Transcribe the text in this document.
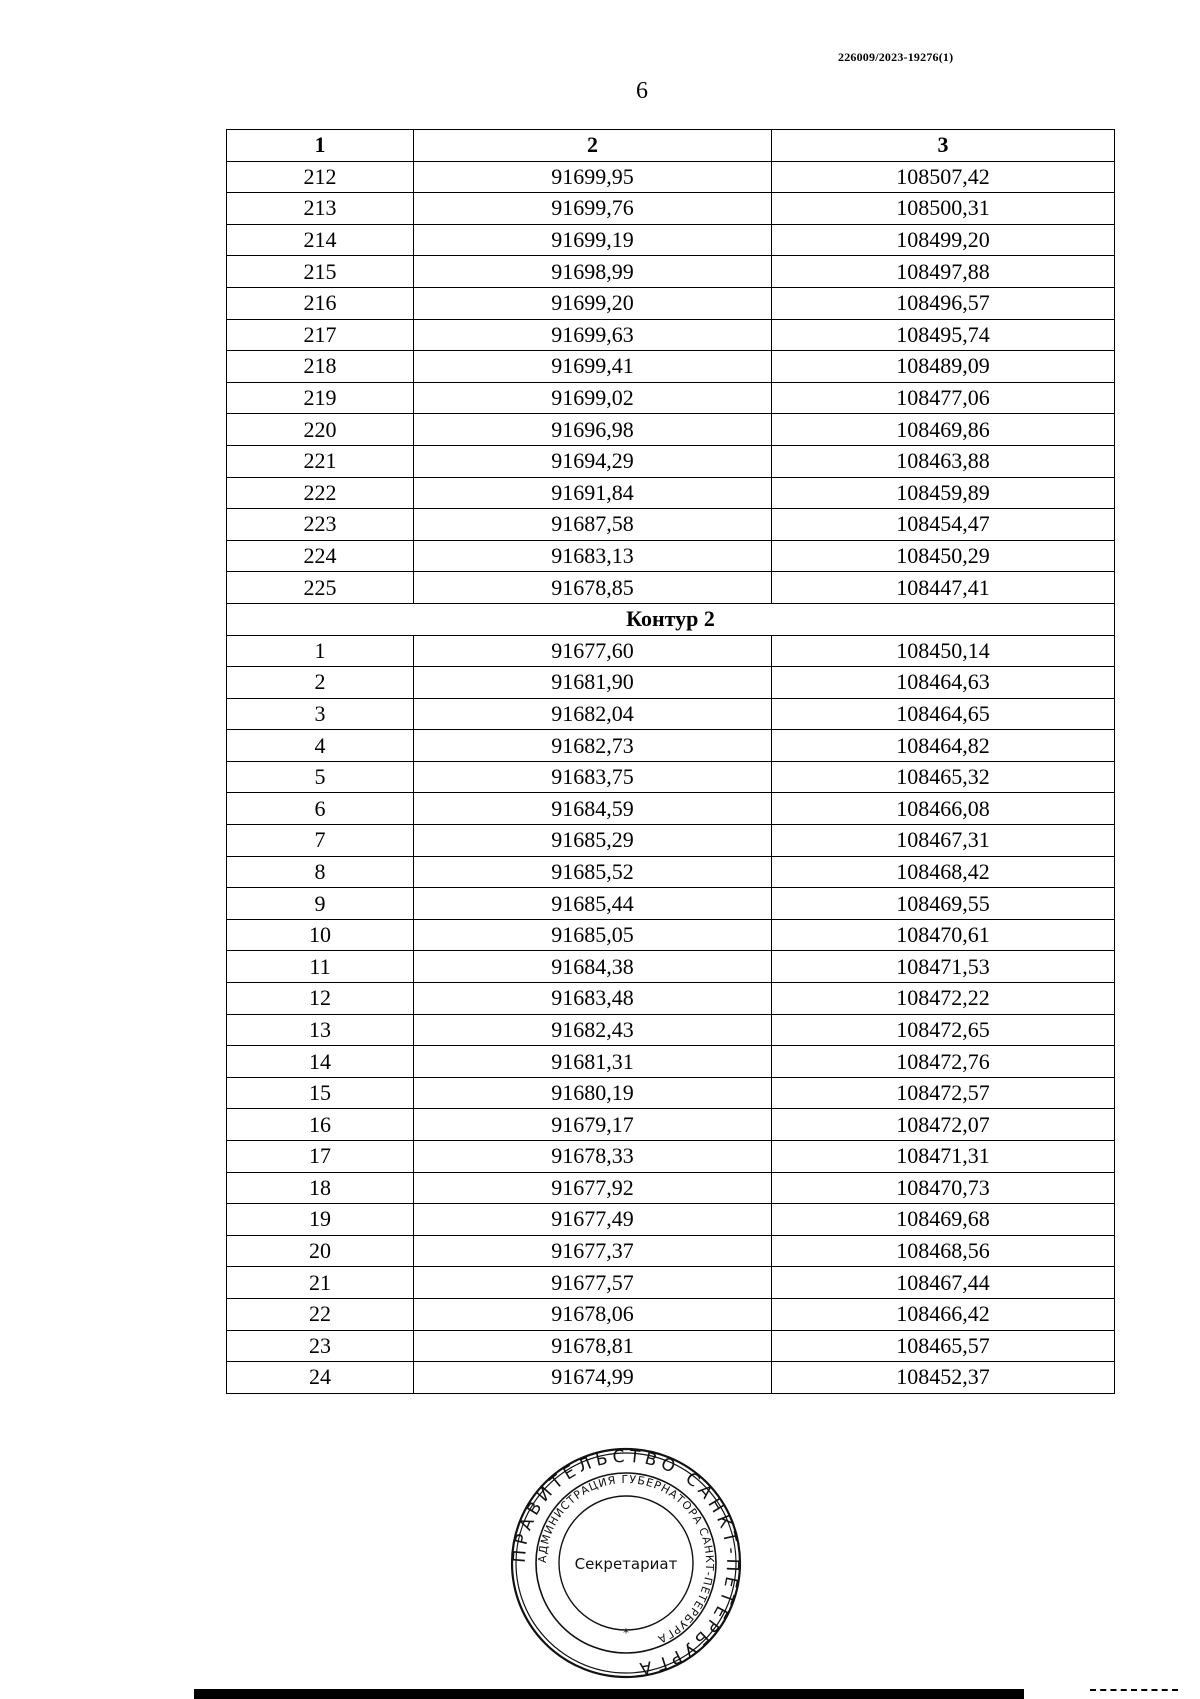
226009/2023-19276(1)
6
1	2	3
212	91699,95	108507,42
213	91699,76	108500,31
214	91699,19	108499,20
215	91698,99	108497,88
216	91699,20	108496,57
217	91699,63	108495,74
218	91699,41	108489,09
219	91699,02	108477,06
220	91696,98	108469,86
221	91694,29	108463,88
222	91691,84	108459,89
223	91687,58	108454,47
224	91683,13	108450,29
225	91678,85	108447,41
Контур 2		
1	91677,60	108450,14
2	91681,90	108464,63
3	91682,04	108464,65
4	91682,73	108464,82
5	91683,75	108465,32
6	91684,59	108466,08
7	91685,29	108467,31
8	91685,52	108468,42
9	91685,44	108469,55
10	91685,05	108470,61
11	91684,38	108471,53
12	91683,48	108472,22
13	91682,43	108472,65
14	91681,31	108472,76
15	91680,19	108472,57
16	91679,17	108472,07
17	91678,33	108471,31
18	91677,92	108470,73
19	91677,49	108469,68
20	91677,37	108468,56
21	91677,57	108467,44
22	91678,06	108466,42
23	91678,81	108465,57
24	91674,99	108452,37
ПРАВИТЕЛЬСТВО САНКТ-ПЕТЕРБУРГА
АДМИНИСТРАЦИЯ ГУБЕРНАТОРА САНКТ-ПЕТЕРБУРГА
Секретариат
*
